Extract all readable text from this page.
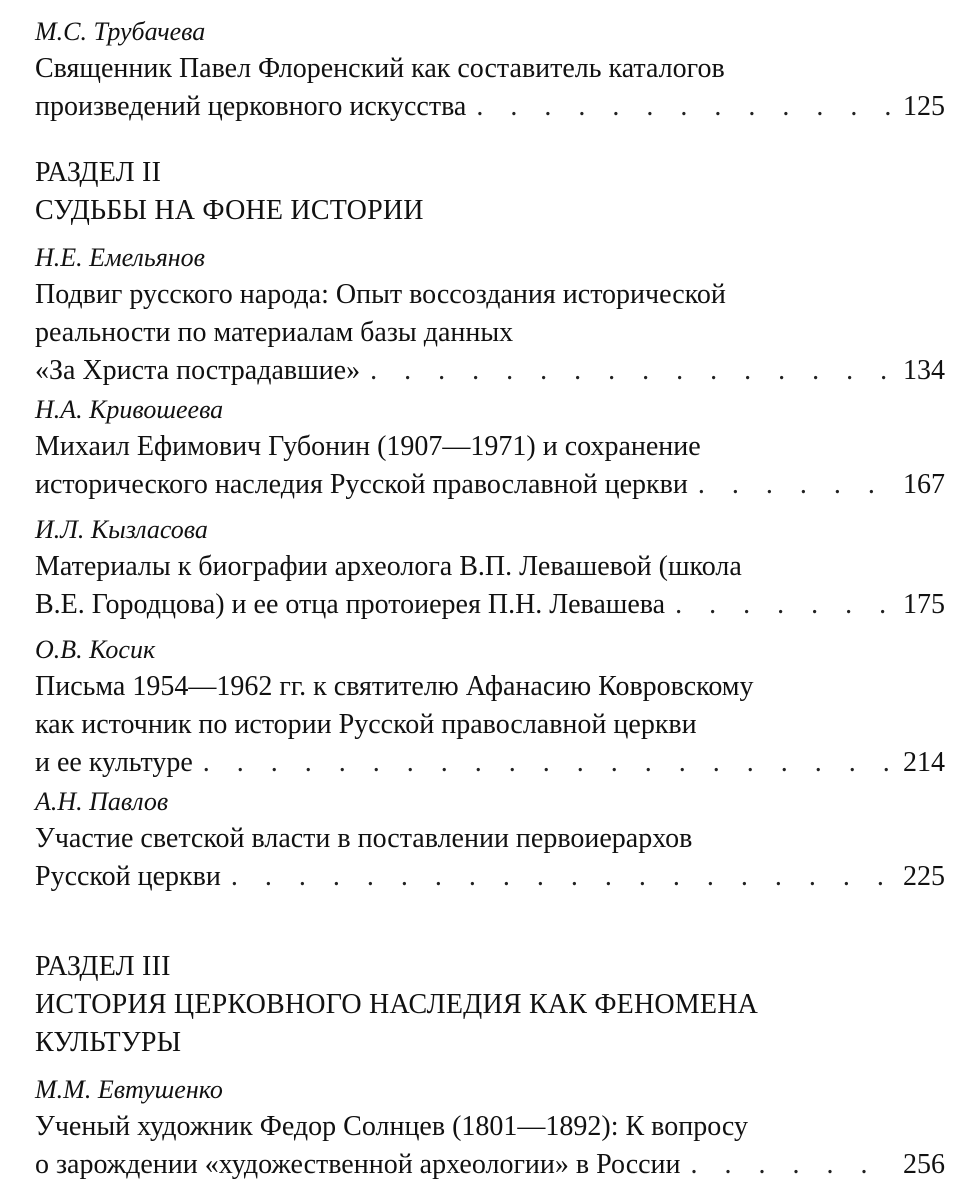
М.С. Трубачева
Священник Павел Флоренский как составитель каталогов
произведений церковного искусства . . .	125
РАЗДЕЛ II
СУДЬБЫ НА ФОНЕ ИСТОРИИ
Н.Е. Емельянов
Подвиг русского народа: Опыт воссоздания исторической
реальности по материалам базы данных
«За Христа пострадавшие» . . .	134
Н.А. Кривошеева
Михаил Ефимович Губонин (1907—1971) и сохранение
исторического наследия Русской православной церкви . . .	167
И.Л. Кызласова
Материалы к биографии археолога В.П. Левашевой (школа
В.Е. Городцова) и ее отца протоиерея П.Н. Левашева . . .	175
О.В. Косик
Письма 1954—1962 гг. к святителю Афанасию Ковровскому
как источник по истории Русской православной церкви
и ее культуре . . .	214
А.Н. Павлов
Участие светской власти в поставлении первоиерархов
Русской церкви . . .	225
РАЗДЕЛ III
ИСТОРИЯ ЦЕРКОВНОГО НАСЛЕДИЯ КАК ФЕНОМЕНА
КУЛЬТУРЫ
М.М. Евтушенко
Ученый художник Федор Солнцев (1801—1892): К вопросу
о зарождении «художественной археологии» в России . . .	256
